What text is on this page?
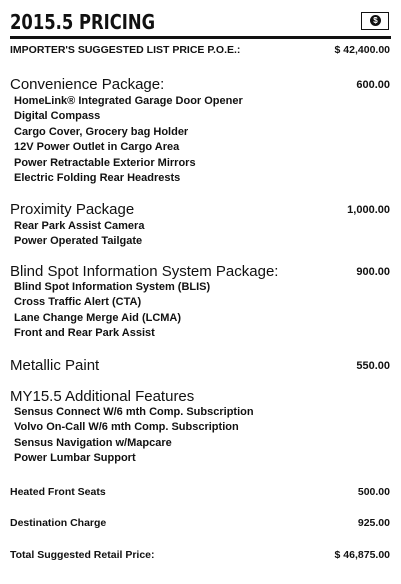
2015.5 PRICING	$
IMPORTER'S SUGGESTED LIST PRICE P.O.E.:	$ 42,400.00
Convenience Package:	600.00
HomeLink® Integrated Garage Door Opener
Digital Compass
Cargo Cover, Grocery bag Holder
12V Power Outlet in Cargo Area
Power Retractable Exterior Mirrors
Electric Folding Rear Headrests
Proximity Package	1,000.00
Rear Park Assist Camera
Power Operated Tailgate
Blind Spot Information System Package:	900.00
Blind Spot Information System (BLIS)
Cross Traffic Alert (CTA)
Lane Change Merge Aid (LCMA)
Front and Rear Park Assist
Metallic Paint	550.00
MY15.5 Additional Features
Sensus Connect W/6 mth Comp. Subscription
Volvo On-Call W/6 mth Comp. Subscription
Sensus Navigation w/Mapcare
Power Lumbar Support
Heated Front Seats	500.00
Destination Charge	925.00
Total Suggested Retail Price:	$ 46,875.00
